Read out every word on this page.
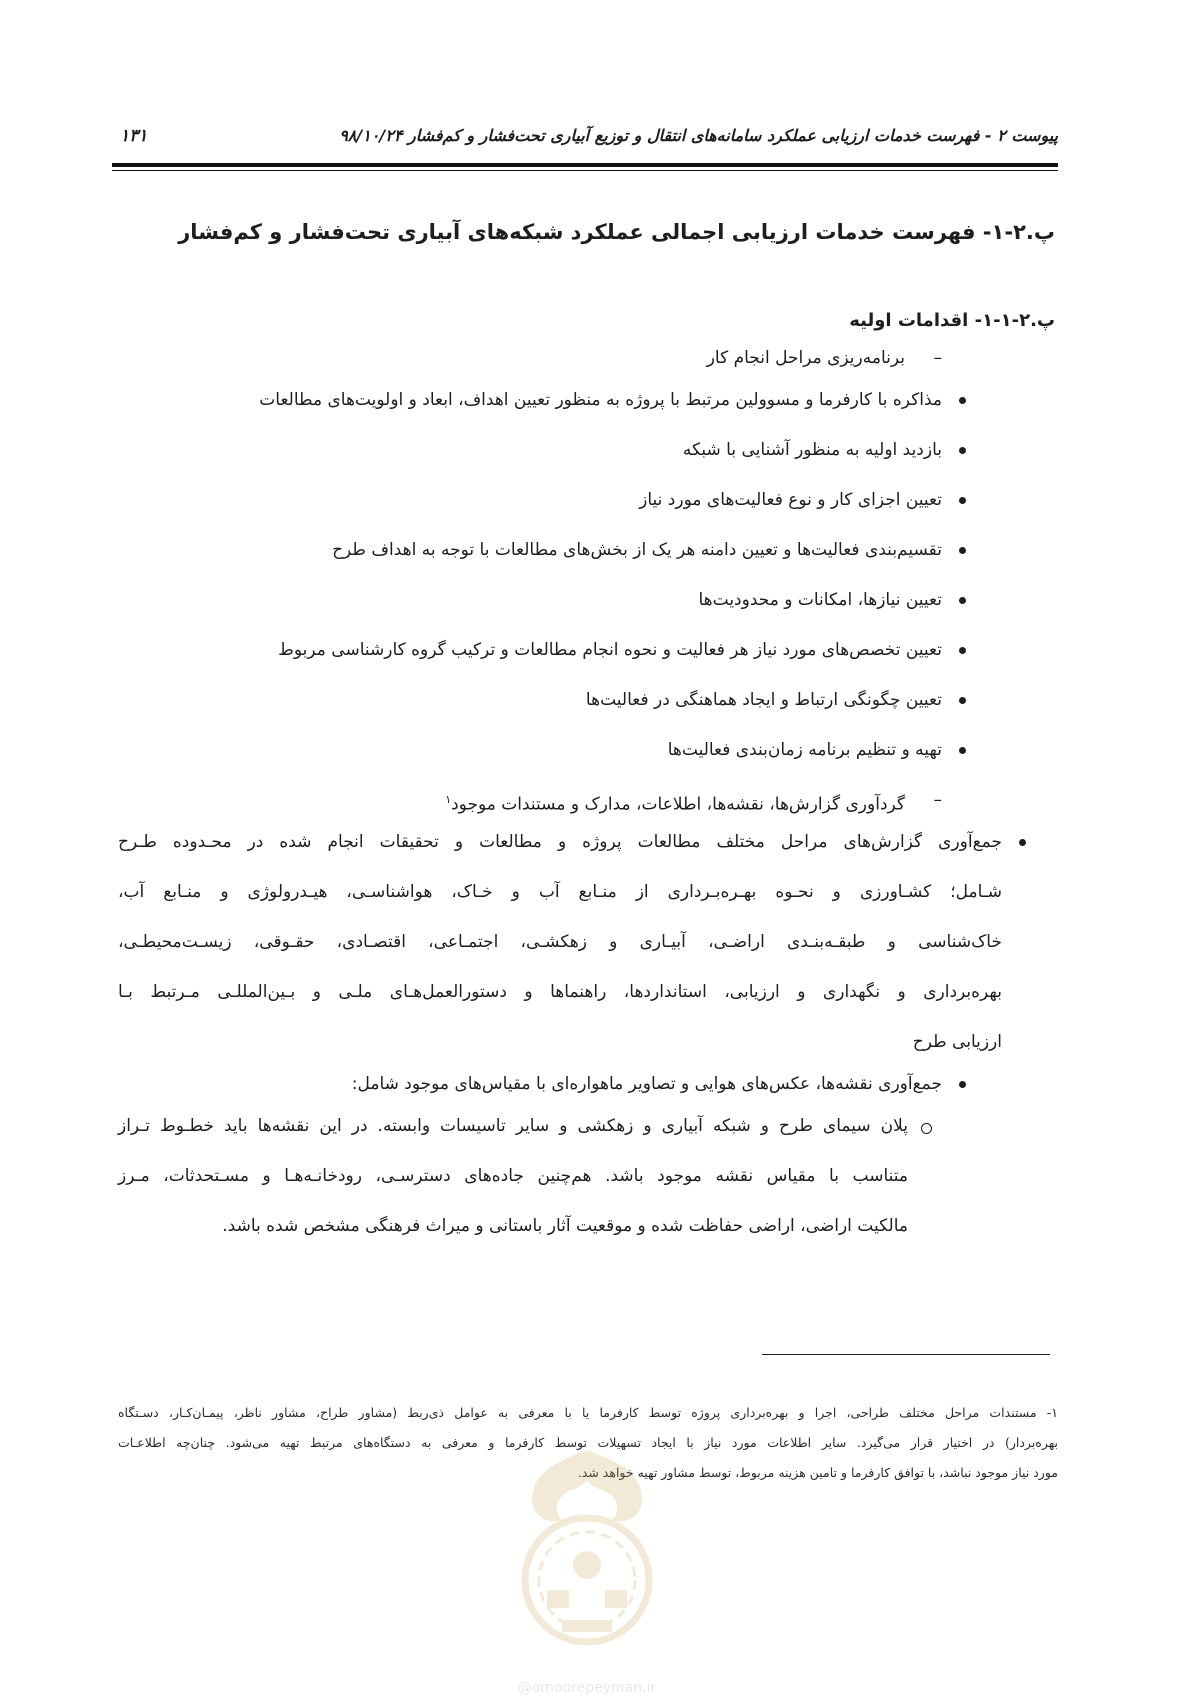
پیوست ۲ - فهرست خدمات ارزیابی عملکرد سامانه‌های انتقال و توزیع آبیاری تحت‌فشار و کم‌فشار ۹۸/۱۰/۲۴
۱۳۱
پ.۲-۱- فهرست خدمات ارزیابی اجمالی عملکرد شبکه‌های آبیاری تحت‌فشار و کم‌فشار
پ.۲-۱-۱- اقدامات اولیه
–
برنامه‌ریزی مراحل انجام کار
مذاکره با کارفرما و مسوولین مرتبط با پروژه به منظور تعیین اهداف، ابعاد و اولویت‌های مطالعات
بازدید اولیه به منظور آشنایی با شبکه
تعیین اجزای کار و نوع فعالیت‌های مورد نیاز
تقسیم‌بندی فعالیت‌ها و تعیین دامنه هر یک از بخش‌های مطالعات با توجه به اهداف طرح
تعیین نیازها، امکانات و محدودیت‌ها
تعیین تخصص‌های مورد نیاز هر فعالیت و نحوه انجام مطالعات و ترکیب گروه کارشناسی مربوط
تعیین چگونگی ارتباط و ایجاد هماهنگی در فعالیت‌ها
تهیه و تنظیم برنامه زمان‌بندی فعالیت‌ها
–
گردآوری گزارش‌ها، نقشه‌ها، اطلاعات، مدارک و مستندات موجود$^۱$
جمع‌آوری گزارش‌های مراحل مختلف مطالعات پروژه و مطالعات و تحقیقات انجام شده در محـدوده طـرح
شـامل؛ کشـاورزی و نحـوه بهـره‌بـرداری از منـابع آب و خـاک، هواشناسـی، هیـدرولوژی و منـابع آب،
خاک‌شناسی و طبقـه‌بنـدی اراضـی، آبیـاری و زهکشـی، اجتمـاعی، اقتصـادی، حقـوقی، زیسـت‌محیطـی،
بهره‌برداری و نگهداری و ارزیابی، استانداردها، راهنماها و دستورالعمل‌هـای ملـی و بـین‌المللـی مـرتبط بـا
ارزیابی طرح
جمع‌آوری نقشه‌ها، عکس‌های هوایی و تصاویر ماهواره‌ای با مقیاس‌های موجود شامل:
پلان سیمای طرح و شبکه آبیاری و زهکشی و سایر تاسیسات وابسته. در این نقشه‌ها باید خطـوط تـراز
متناسب با مقیاس نقشه موجود باشد. هم‌چنین جاده‌های دسترسـی، رودخانـه‌هـا و مسـتحدثات، مـرز
مالکیت اراضی، اراضی حفاظت شده و موقعیت آثار باستانی و میراث فرهنگی مشخص شده باشد.
۱- مستندات مراحل مختلف طراحی، اجرا و بهره‌برداری پروژه توسط کارفرما یا با معرفی به عوامل ذی‌ربط (مشاور طراح، مشاور ناظر، پیمـان‌کـار، دسـتگاه
بهره‌بردار) در اختیار قرار می‌گیرد. سایر اطلاعات مورد نیاز با ایجاد تسهیلات توسط کارفرما و معرفی به دستگاه‌های مرتبط تهیه می‌شود. چنان‌چه اطلاعـات
مورد نیاز موجود نباشد، با توافق کارفرما و تامین هزینه مربوط، توسط مشاور تهیه خواهد شد.
@omoorepeyman.ir
